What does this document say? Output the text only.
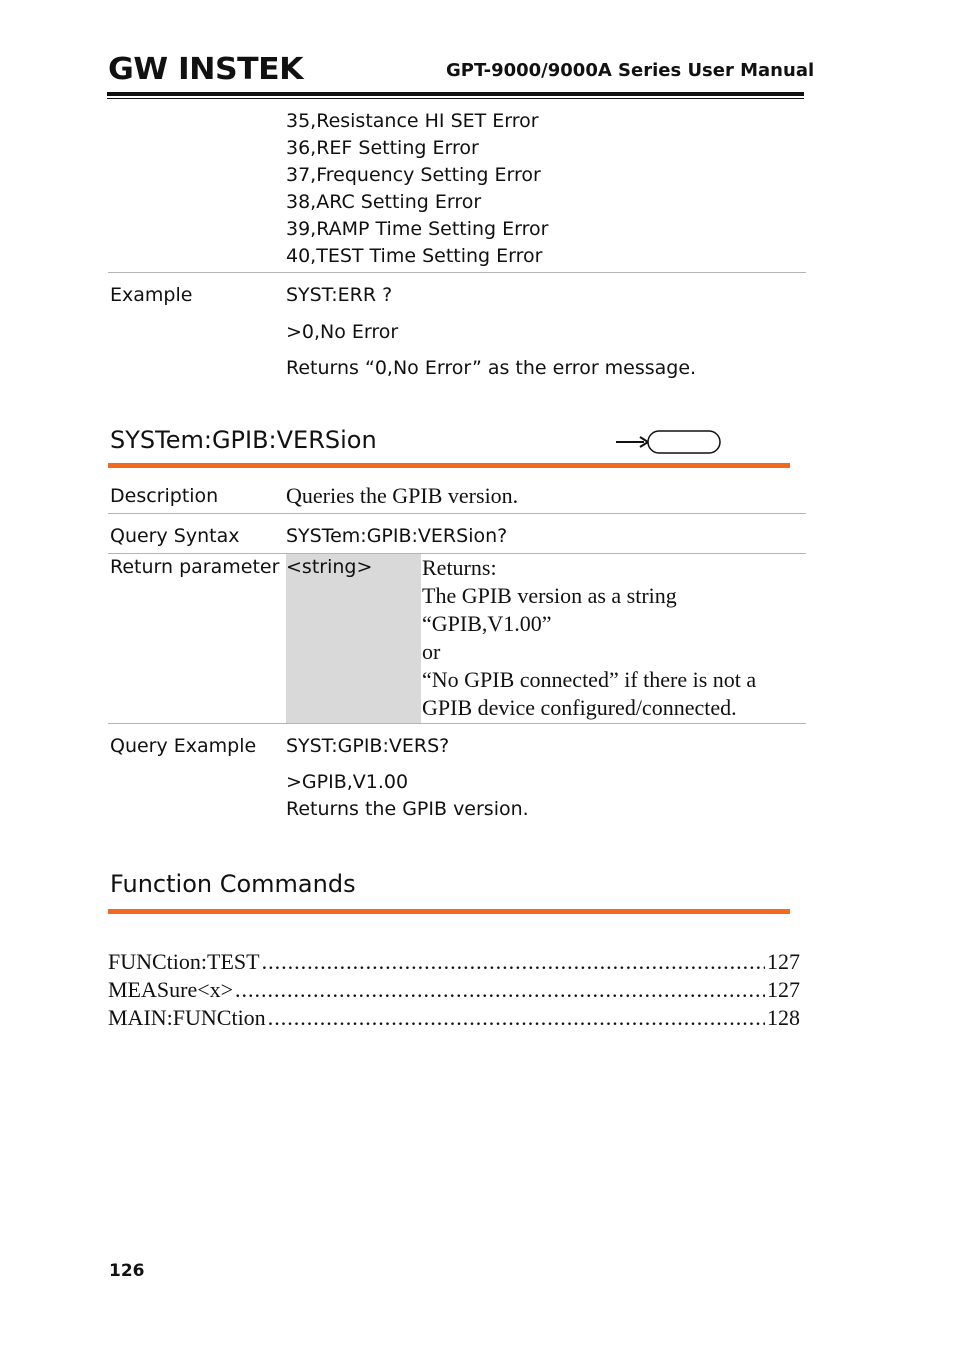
GW INSTEK	GPT-9000/9000A Series User Manual
35,Resistance HI SET Error
36,REF Setting Error
37,Frequency Setting Error
38,ARC Setting Error
39,RAMP Time Setting Error
40,TEST Time Setting Error
Example	SYST:ERR ?
>0,No Error
Returns “0,No Error” as the error message.
SYSTem:GPIB:VERSion
Description	Queries the GPIB version.
Query Syntax SYSTem:GPIB:VERSion?
Return parameter <string> Returns:
The GPIB version as a string
“GPIB,V1.00”
or
“No GPIB connected” if there is not a
GPIB device configured/connected.
Query Example SYST:GPIB:VERS?
>GPIB,V1.00
Returns the GPIB version.
Function Commands
FUNCtion:TEST .....	127
MEASure<x> .....	127
MAIN:FUNCtion .....	128
126
